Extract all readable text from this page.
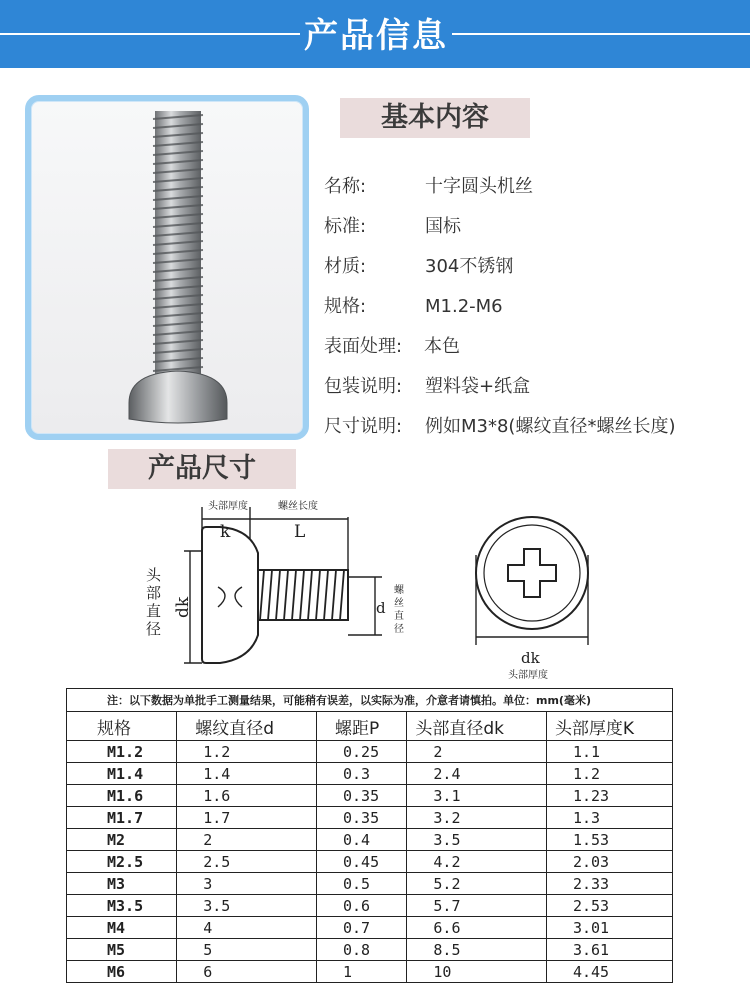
产品信息
基本内容
名称:	十字圆头机丝
标准:	国标
材质:	304不锈钢
规格:	M1.2-M6
表面处理: 本色
包装说明: 塑料袋+纸盒
尺寸说明: 例如M3*8(螺纹直径*螺丝长度)
产品尺寸
头部厚度	螺丝长度
k	L
头
部
直
径
dk	d
螺
丝
直
径
dk
头部厚度
注：以下数据为单批手工测量结果，可能稍有误差，以实际为准，介意者请慎拍。单位：mm(毫米)				
规格	螺纹直径d	螺距P	头部直径dk	头部厚度K
M1.2	1.2	0.25	2	1.1
M1.4	1.4	0.3	2.4	1.2
M1.6	1.6	0.35	3.1	1.23
M1.7	1.7	0.35	3.2	1.3
M2	2	0.4	3.5	1.53
M2.5	2.5	0.45	4.2	2.03
M3	3	0.5	5.2	2.33
M3.5	3.5	0.6	5.7	2.53
M4	4	0.7	6.6	3.01
M5	5	0.8	8.5	3.61
M6	6	1	10	4.45
